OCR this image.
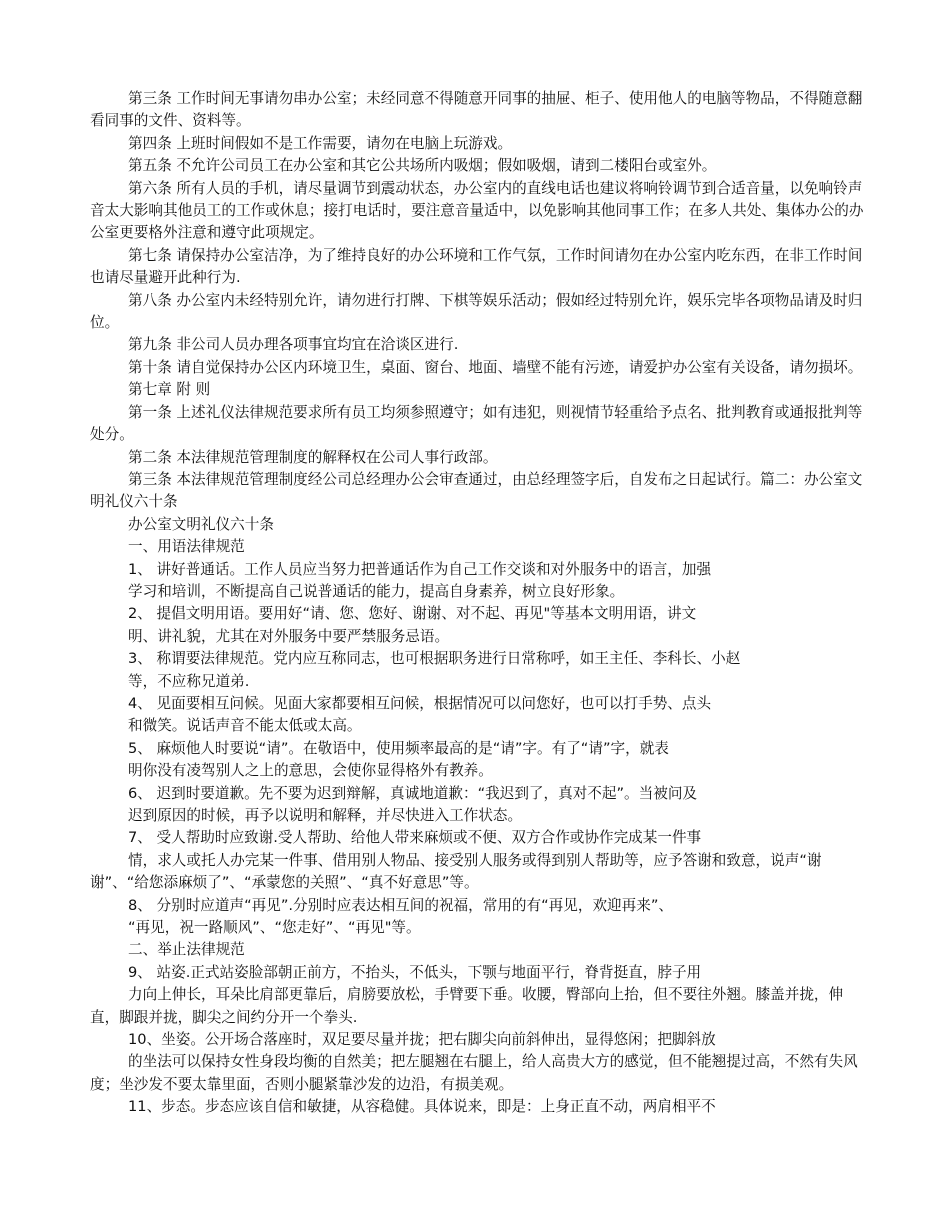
第三条 工作时间无事请勿串办公室；未经同意不得随意开同事的抽屉、柜子、使用他人的电脑等物品，不得随意翻看同事的文件、资料等。

第四条 上班时间假如不是工作需要，请勿在电脑上玩游戏。

第五条 不允许公司员工在办公室和其它公共场所内吸烟；假如吸烟，请到二楼阳台或室外。

第六条 所有人员的手机，请尽量调节到震动状态，办公室内的直线电话也建议将响铃调节到合适音量，以免响铃声音太大影响其他员工的工作或休息；接打电话时，要注意音量适中，以免影响其他同事工作；在多人共处、集体办公的办公室更要格外注意和遵守此项规定。

第七条 请保持办公室洁净，为了维持良好的办公环境和工作气氛，工作时间请勿在办公室内吃东西，在非工作时间也请尽量避开此种行为.

第八条 办公室内未经特别允许，请勿进行打牌、下棋等娱乐活动；假如经过特别允许，娱乐完毕各项物品请及时归位。

第九条 非公司人员办理各项事宜均宜在洽谈区进行.

第十条 请自觉保持办公区内环境卫生，桌面、窗台、地面、墙壁不能有污迹，请爱护办公室有关设备，请勿损坏。

第七章 附 则

第一条 上述礼仪法律规范要求所有员工均须参照遵守；如有违犯，则视情节轻重给予点名、批判教育或通报批判等处分。

第二条 本法律规范管理制度的解释权在公司人事行政部。

第三条 本法律规范管理制度经公司总经理办公会审查通过，由总经理签字后，自发布之日起试行。篇二：办公室文明礼仪六十条

办公室文明礼仪六十条

一、用语法律规范

1、 讲好普通话。工作人员应当努力把普通话作为自己工作交谈和对外服务中的语言，加强

学习和培训，不断提高自己说普通话的能力，提高自身素养，树立良好形象。

2、 提倡文明用语。要用好“请、您、您好、谢谢、对不起、再见"等基本文明用语，讲文

明、讲礼貌，尤其在对外服务中要严禁服务忌语。

3、 称谓要法律规范。党内应互称同志，也可根据职务进行日常称呼，如王主任、李科长、小赵

等，不应称兄道弟.

4、 见面要相互问候。见面大家都要相互问候，根据情况可以问您好，也可以打手势、点头

和微笑。说话声音不能太低或太高。

5、 麻烦他人时要说“请”。在敬语中，使用频率最高的是“请”字。有了“请”字，就表

明你没有凌驾别人之上的意思，会使你显得格外有教养。

6、 迟到时要道歉。先不要为迟到辩解，真诚地道歉：“我迟到了，真对不起”。当被问及

迟到原因的时候，再予以说明和解释，并尽快进入工作状态。

7、 受人帮助时应致谢.受人帮助、给他人带来麻烦或不便、双方合作或协作完成某一件事

情，求人或托人办完某一件事、借用别人物品、接受别人服务或得到别人帮助等，应予答谢和致意，说声“谢谢”、“给您添麻烦了”、“承蒙您的关照”、“真不好意思”等。

8、 分别时应道声“再见”.分别时应表达相互间的祝福，常用的有“再见，欢迎再来”、

“再见，祝一路顺风”、“您走好”、“再见"等。

二、举止法律规范

9、 站姿.正式站姿脸部朝正前方，不抬头，不低头，下颚与地面平行，脊背挺直，脖子用

力向上伸长，耳朵比肩部更靠后，肩膀要放松，手臂要下垂。收腰，臀部向上抬，但不要往外翘。膝盖并拢，伸直，脚跟并拢，脚尖之间约分开一个拳头.

10、坐姿。公开场合落座时，双足要尽量并拢；把右脚尖向前斜伸出，显得悠闲；把脚斜放

的坐法可以保持女性身段均衡的自然美；把左腿翘在右腿上，给人高贵大方的感觉，但不能翘提过高，不然有失风度；坐沙发不要太靠里面，否则小腿紧靠沙发的边沿，有损美观。

11、步态。步态应该自信和敏捷，从容稳健。具体说来，即是：上身正直不动，两肩相平不
